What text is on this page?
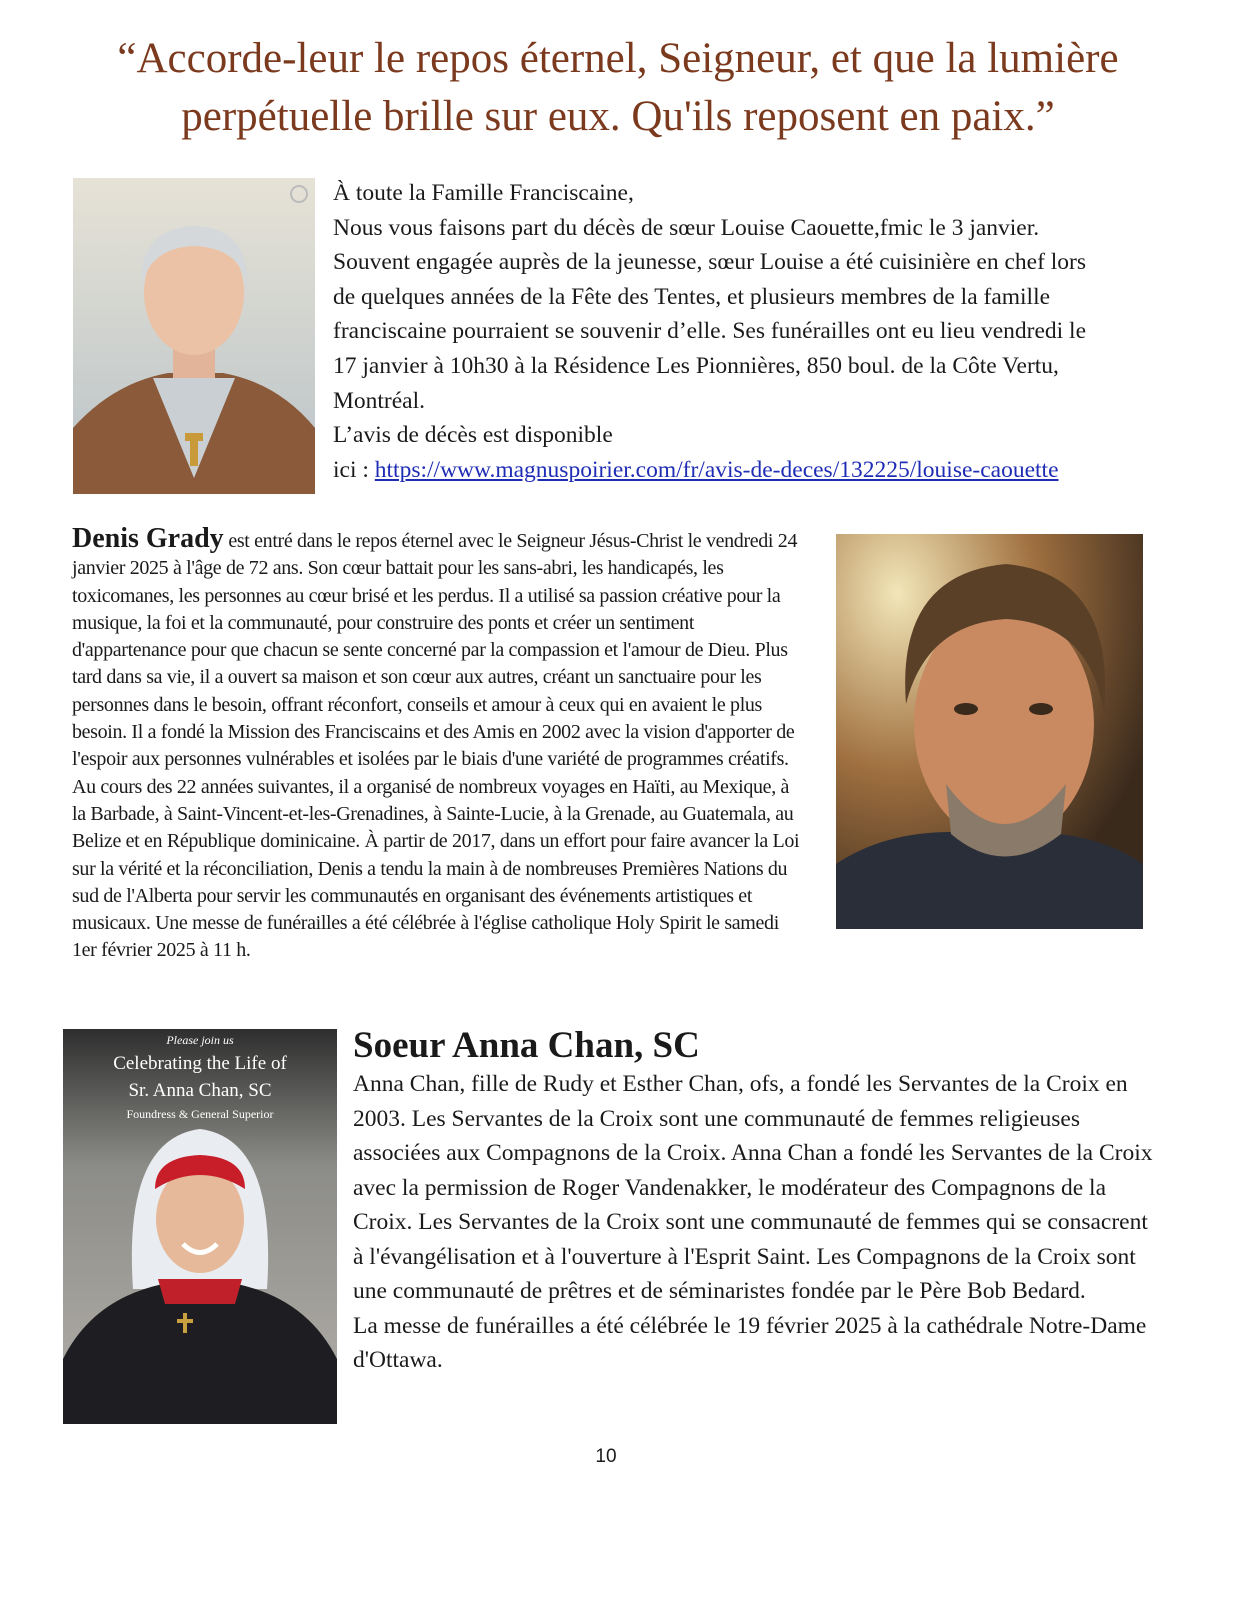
“Accorde-leur le repos éternel, Seigneur, et que la lumière perpétuelle brille sur eux. Qu'ils reposent en paix.”

À toute la Famille Franciscaine,

Nous vous faisons part du décès de sœur Louise Caouette,fmic le 3 janvier. Souvent engagée auprès de la jeunesse, sœur Louise a été cuisinière en chef lors de quelques années de la Fête des Tentes, et plusieurs membres de la famille franciscaine pourraient se souvenir d’elle. Ses funérailles ont eu lieu vendredi le 17 janvier à 10h30 à la Résidence Les Pionnières, 850 boul. de la Côte Vertu, Montréal.

L’avis de décès est disponible

ici : https://www.magnuspoirier.com/fr/avis-de-deces/132225/louise-caouette

Denis Grady est entré dans le repos éternel avec le Seigneur Jésus-Christ le vendredi 24 janvier 2025 à l'âge de 72 ans. Son cœur battait pour les sans-abri, les handicapés, les toxicomanes, les personnes au cœur brisé et les perdus. Il a utilisé sa passion créative pour la musique, la foi et la communauté, pour construire des ponts et créer un sentiment d'appartenance pour que chacun se sente concerné par la compassion et l'amour de Dieu. Plus tard dans sa vie, il a ouvert sa maison et son cœur aux autres, créant un sanctuaire pour les personnes dans le besoin, offrant réconfort, conseils et amour à ceux qui en avaient le plus besoin. Il a fondé la Mission des Franciscains et des Amis en 2002 avec la vision d'apporter de l'espoir aux personnes vulnérables et isolées par le biais d'une variété de programmes créatifs. Au cours des 22 années suivantes, il a organisé de nombreux voyages en Haïti, au Mexique, à la Barbade, à Saint-Vincent-et-les-Grenadines, à Sainte-Lucie, à la Grenade, au Guatemala, au Belize et en République dominicaine. À partir de 2017, dans un effort pour faire avancer la Loi sur la vérité et la réconciliation, Denis a tendu la main à de nombreuses Premières Nations du sud de l'Alberta pour servir les communautés en organisant des événements artistiques et musicaux. Une messe de funérailles a été célébrée à l'église catholique Holy Spirit le samedi 1er février 2025 à 11 h.
Please join us
Celebrating the Life of
Sr. Anna Chan, SC
Foundress & General Superior
Soeur Anna Chan, SC

Anna Chan, fille de Rudy et Esther Chan, ofs, a fondé les Servantes de la Croix en 2003. Les Servantes de la Croix sont une communauté de femmes religieuses associées aux Compagnons de la Croix. Anna Chan a fondé les Servantes de la Croix avec la permission de Roger Vandenakker, le modérateur des Compagnons de la Croix. Les Servantes de la Croix sont une communauté de femmes qui se consacrent à l'évangélisation et à l'ouverture à l'Esprit Saint. Les Compagnons de la Croix sont une communauté de prêtres et de séminaristes fondée par le Père Bob Bedard.

La messe de funérailles a été célébrée le 19 février 2025 à la cathédrale Notre-Dame d'Ottawa.

10
